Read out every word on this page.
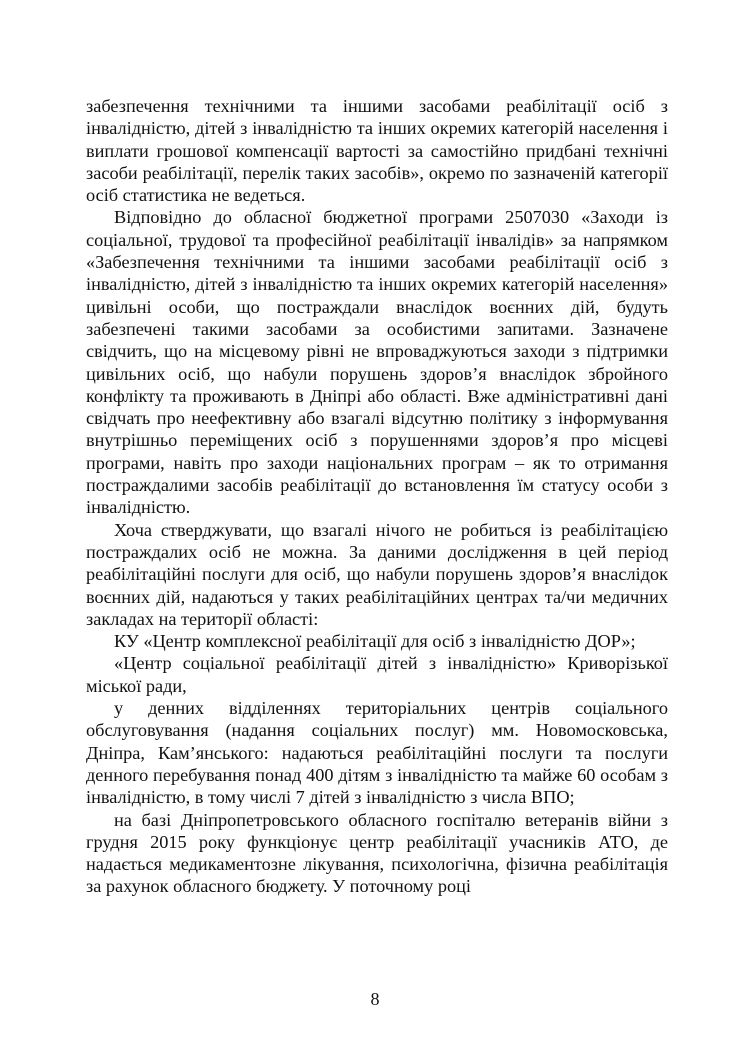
забезпечення технічними та іншими засобами реабілітації осіб з інвалідністю, дітей з інвалідністю та інших окремих категорій населення і виплати грошової компенсації вартості за самостійно придбані технічні засоби реабілітації, перелік таких засобів», окремо по зазначеній категорії осіб статистика не ведеться.

Відповідно до обласної бюджетної програми 2507030 «Заходи із соціальної, трудової та професійної реабілітації інвалідів» за напрямком «Забезпечення технічними та іншими засобами реабілітації осіб з інвалідністю, дітей з інвалідністю та інших окремих категорій населення» цивільні особи, що постраждали внаслідок воєнних дій, будуть забезпечені такими засобами за особистими запитами. Зазначене свідчить, що на місцевому рівні не впроваджуються заходи з підтримки цивільних осіб, що набули порушень здоров’я внаслідок збройного конфлікту та проживають в Дніпрі або області. Вже адміністративні дані свідчать про неефективну або взагалі відсутню політику з інформування внутрішньо переміщених осіб з порушеннями здоров’я про місцеві програми, навіть про заходи національних програм – як то отримання постраждалими засобів реабілітації до встановлення їм статусу особи з інвалідністю.

Хоча стверджувати, що взагалі нічого не робиться із реабілітацією постраждалих осіб не можна. За даними дослідження в цей період реабілітаційні послуги для осіб, що набули порушень здоров’я внаслідок воєнних дій, надаються у таких реабілітаційних центрах та/чи медичних закладах на території області:

КУ «Центр комплексної реабілітації для осіб з інвалідністю ДОР»;

«Центр соціальної реабілітації дітей з інвалідністю» Криворізької міської ради,

у денних відділеннях територіальних центрів соціального обслуговування (надання соціальних послуг) мм. Новомосковська, Дніпра, Кам’янського: надаються реабілітаційні послуги та послуги денного перебування понад 400 дітям з інвалідністю та майже 60 особам з інвалідністю, в тому числі 7 дітей з інвалідністю з числа ВПО;

на базі Дніпропетровського обласного госпіталю ветеранів війни з грудня 2015 року функціонує центр реабілітації учасників АТО, де надається медикаментозне лікування, психологічна, фізична реабілітація за рахунок обласного бюджету. У поточному році

8
